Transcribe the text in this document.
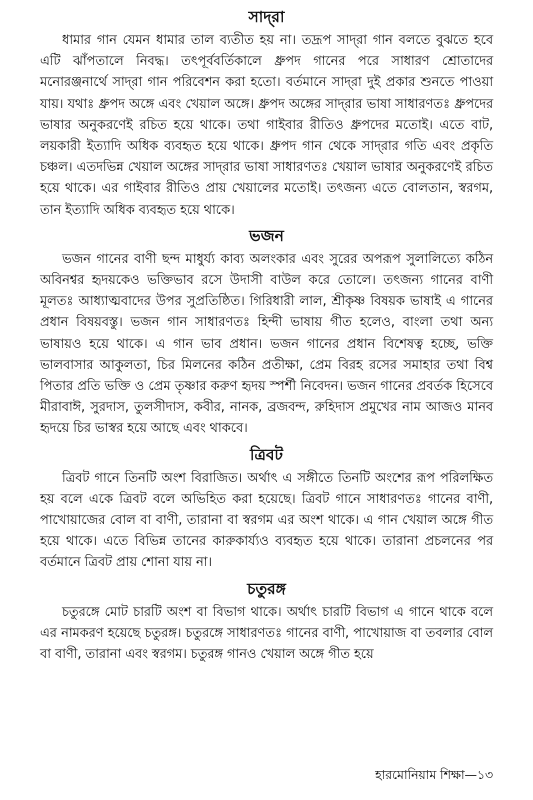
সাদ্‌রা

ধামার গান যেমন ধামার তাল ব্যতীত হয় না। তদ্রূপ সাদ্‌রা গান বলতে বুঝতে হবে এটি ঝাঁপতালে নিবদ্ধ। তৎপূর্ববর্তিকালে ধ্রুপদ গানের পরে সাধারণ শ্রোতাদের মনোরঞ্জনার্থে সাদ্‌রা গান পরিবেশন করা হতো। বর্তমানে সাদ্‌রা দুই প্রকার শুনতে পাওয়া যায়। যথাঃ ধ্রুপদ অঙ্গে এবং খেয়াল অঙ্গে। ধ্রুপদ অঙ্গের সাদ্‌রার ভাষা সাধারণতঃ ধ্রুপদের ভাষার অনুকরণেই রচিত হয়ে থাকে। তথা গাইবার রীতিও ধ্রুপদের মতোই। এতে বাট, লয়কারী ইত্যাদি অধিক ব্যবহৃত হয়ে থাকে। ধ্রুপদ গান থেকে সাদ্‌রার গতি এবং প্রকৃতি চঞ্চল। এতদভিন্ন খেয়াল অঙ্গের সাদ্‌রার ভাষা সাধারণতঃ খেয়াল ভাষার অনুকরণেই রচিত হয়ে থাকে। এর গাইবার রীতিও প্রায় খেয়ালের মতোই। তৎজন্য এতে বোলতান, স্বরগম, তান ইত্যাদি অধিক ব্যবহৃত হয়ে থাকে।

ভজন

ভজন গানের বাণী ছন্দ মাধুর্য্য কাব্য অলংকার এবং সুরের অপরূপ সুলালিত্যে কঠিন অবিনশ্বর হৃদয়কেও ভক্তিভাব রসে উদাসী বাউল করে তোলে। তৎজন্য গানের বাণী মূলতঃ আধ্যাত্মবাদের উপর সুপ্রতিষ্ঠিত। গিরিধারী লাল, শ্রীকৃষ্ণ বিষয়ক ভাষাই এ গানের প্রধান বিষয়বস্তু। ভজন গান সাধারণতঃ হিন্দী ভাষায় গীত হলেও, বাংলা তথা অন্য ভাষায়ও হয়ে থাকে। এ গান ভাব প্রধান। ভজন গানের প্রধান বিশেষত্ব হচ্ছে, ভক্তি ভালবাসার আকুলতা, চির মিলনের কঠিন প্রতীক্ষা, প্রেম বিরহ রসের সমাহার তথা বিশ্ব পিতার প্রতি ভক্তি ও প্রেম তৃষ্ণার করুণ হৃদয় স্পর্শী নিবেদন। ভজন গানের প্রবর্তক হিসেবে মীরাবাঈ, সুরদাস, তুলসীদাস, কবীর, নানক, ব্রজবন্দ, রুহিদাস প্রমুখের নাম আজও মানব হৃদয়ে চির ভাস্বর হয়ে আছে এবং থাকবে।

ত্রিবট

ত্রিবট গানে তিনটি অংশ বিরাজিত। অর্থাৎ এ সঙ্গীতে তিনটি অংশের রূপ পরিলক্ষিত হয় বলে একে ত্রিবট বলে অভিহিত করা হয়েছে। ত্রিবট গানে সাধারণতঃ গানের বাণী, পাখোয়াজের বোল বা বাণী, তারানা বা স্বরগম এর অংশ থাকে। এ গান খেয়াল অঙ্গে গীত হয়ে থাকে। এতে বিভিন্ন তানের কারুকার্য্যও ব্যবহৃত হয়ে থাকে। তারানা প্রচলনের পর বর্তমানে ত্রিবট প্রায় শোনা যায় না।

চতুরঙ্গ

চতুরঙ্গে মোট চারটি অংশ বা বিভাগ থাকে। অর্থাৎ চারটি বিভাগ এ গানে থাকে বলে এর নামকরণ হয়েছে চতুরঙ্গ। চতুরঙ্গে সাধারণতঃ গানের বাণী, পাখোয়াজ বা তবলার বোল বা বাণী, তারানা এবং স্বরগম। চতুরঙ্গ গানও খেয়াল অঙ্গে গীত হয়ে

হারমোনিয়াম শিক্ষা—১৩
